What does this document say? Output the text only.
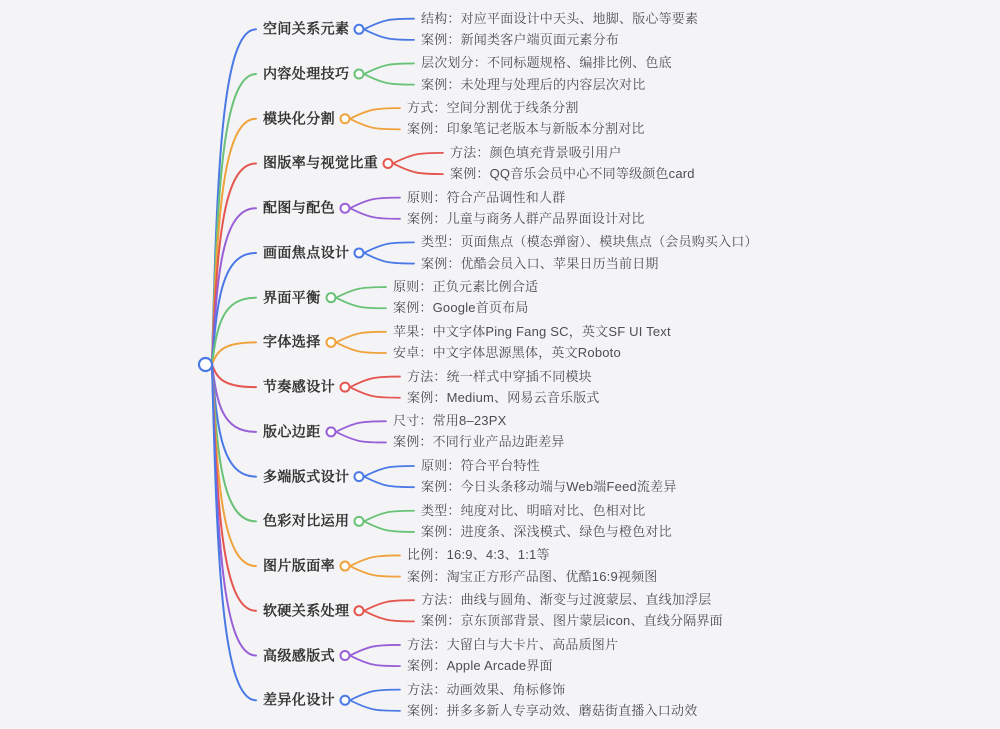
空间关系元素
结构：对应平面设计中天头、地脚、版心等要素
案例：新闻类客户端页面元素分布
内容处理技巧
层次划分：不同标题规格、编排比例、色底
案例：未处理与处理后的内容层次对比
模块化分割
方式：空间分割优于线条分割
案例：印象笔记老版本与新版本分割对比
图版率与视觉比重
方法：颜色填充背景吸引用户
案例：QQ音乐会员中心不同等级颜色card
配图与配色
原则：符合产品调性和人群
案例：儿童与商务人群产品界面设计对比
画面焦点设计
类型：页面焦点（模态弹窗）、模块焦点（会员购买入口）
案例：优酷会员入口、苹果日历当前日期
界面平衡
原则：正负元素比例合适
案例：Google首页布局
字体选择
苹果：中文字体Ping Fang SC，英文SF UI Text
安卓：中文字体思源黑体，英文Roboto
节奏感设计
方法：统一样式中穿插不同模块
案例：Medium、网易云音乐版式
版心边距
尺寸：常用8–23PX
案例：不同行业产品边距差异
多端版式设计
原则：符合平台特性
案例：今日头条移动端与Web端Feed流差异
色彩对比运用
类型：纯度对比、明暗对比、色相对比
案例：进度条、深浅模式、绿色与橙色对比
图片版面率
比例：16:9、4:3、1:1等
案例：淘宝正方形产品图、优酷16:9视频图
软硬关系处理
方法：曲线与圆角、渐变与过渡蒙层、直线加浮层
案例：京东顶部背景、图片蒙层icon、直线分隔界面
高级感版式
方法：大留白与大卡片、高品质图片
案例：Apple Arcade界面
差异化设计
方法：动画效果、角标修饰
案例：拼多多新人专享动效、蘑菇街直播入口动效
